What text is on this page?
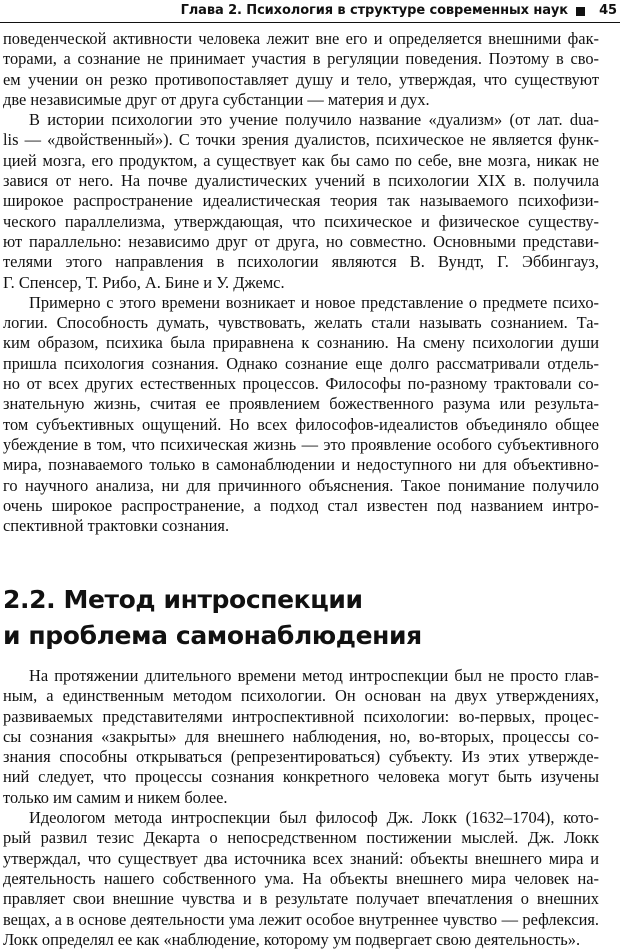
Глава 2. Психология в структуре современных наук 45
поведенческой активности человека лежит вне его и определяется внешними фак-
торами, а сознание не принимает участия в регуляции поведения. Поэтому в сво-
ем учении он резко противопоставляет душу и тело, утверждая, что существуют
две независимые друг от друга субстанции — материя и дух.
В истории психологии это учение получило название «дуализм» (от лат. dua-
lis — «двойственный»). С точки зрения дуалистов, психическое не является функ-
цией мозга, его продуктом, а существует как бы само по себе, вне мозга, никак не
завися от него. На почве дуалистических учений в психологии XIX в. получила
широкое распространение идеалистическая теория так называемого психофизи-
ческого параллелизма, утверждающая, что психическое и физическое существу-
ют параллельно: независимо друг от друга, но совместно. Основными представи-
телями этого направления в психологии являются В. Вундт, Г. Эббингауз,
Г. Спенсер, Т. Рибо, А. Бине и У. Джемс.
Примерно с этого времени возникает и новое представление о предмете психо-
логии. Способность думать, чувствовать, желать стали называть сознанием. Та-
ким образом, психика была приравнена к сознанию. На смену психологии души
пришла психология сознания. Однако сознание еще долго рассматривали отдель-
но от всех других естественных процессов. Философы по-разному трактовали со-
знательную жизнь, считая ее проявлением божественного разума или результа-
том субъективных ощущений. Но всех философов-идеалистов объединяло общее
убеждение в том, что психическая жизнь — это проявление особого субъективного
мира, познаваемого только в самонаблюдении и недоступного ни для объективно-
го научного анализа, ни для причинного объяснения. Такое понимание получило
очень широкое распространение, а подход стал известен под названием интро-
спективной трактовки сознания.
2.2. Метод интроспекции
и проблема самонаблюдения
На протяжении длительного времени метод интроспекции был не просто глав-
ным, а единственным методом психологии. Он основан на двух утверждениях,
развиваемых представителями интроспективной психологии: во-первых, процес-
сы сознания «закрыты» для внешнего наблюдения, но, во-вторых, процессы со-
знания способны открываться (репрезентироваться) субъекту. Из этих утвержде-
ний следует, что процессы сознания конкретного человека могут быть изучены
только им самим и никем более.
Идеологом метода интроспекции был философ Дж. Локк (1632–1704), кото-
рый развил тезис Декарта о непосредственном постижении мыслей. Дж. Локк
утверждал, что существует два источника всех знаний: объекты внешнего мира и
деятельность нашего собственного ума. На объекты внешнего мира человек на-
правляет свои внешние чувства и в результате получает впечатления о внешних
вещах, а в основе деятельности ума лежит особое внутреннее чувство — рефлексия.
Локк определял ее как «наблюдение, которому ум подвергает свою деятельность».
